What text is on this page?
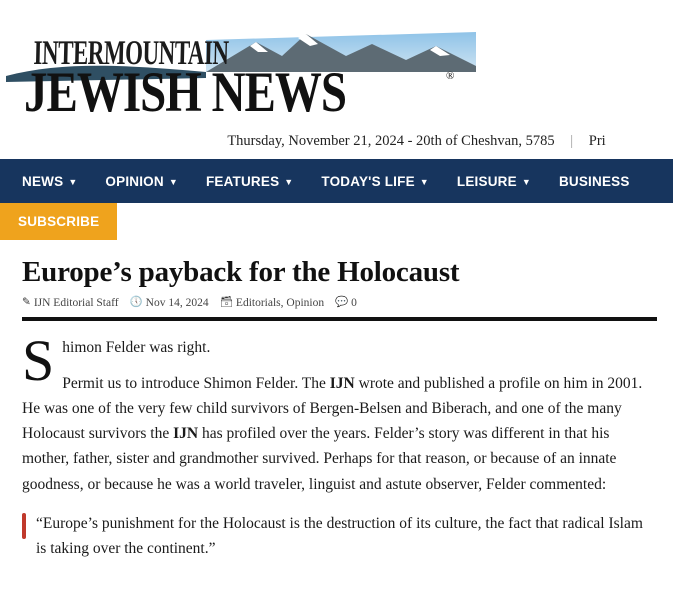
INTERMOUNTAIN
JEWISH NEWS	®
Thursday, November 21, 2024 - 20th of Cheshvan, 5785 | Pri
NEWS ▼ OPINION ▼ FEATURES ▼ TODAY'S LIFE ▼ LEISURE ▼ BUSINESS
SUBSCRIBE
Europe’s payback for the Holocaust
✎ IJN Editorial Staff 🕔 Nov 14, 2024 🗃 Editorials, Opinion 💬 0
S himon Felder was right.

Permit us to introduce Shimon Felder. The IJN wrote and published a profile on him in 2001. He was one of the very few child survivors of Bergen-Belsen and Biberach, and one of the many Holocaust survivors the IJN has profiled over the years. Felder’s story was different in that his mother, father, sister and grandmother survived. Perhaps for that reason, or because of an innate goodness, or because he was a world traveler, linguist and astute observer, Felder commented:

“Europe’s punishment for the Holocaust is the destruction of its culture, the fact that radical Islam is taking over the continent.”
